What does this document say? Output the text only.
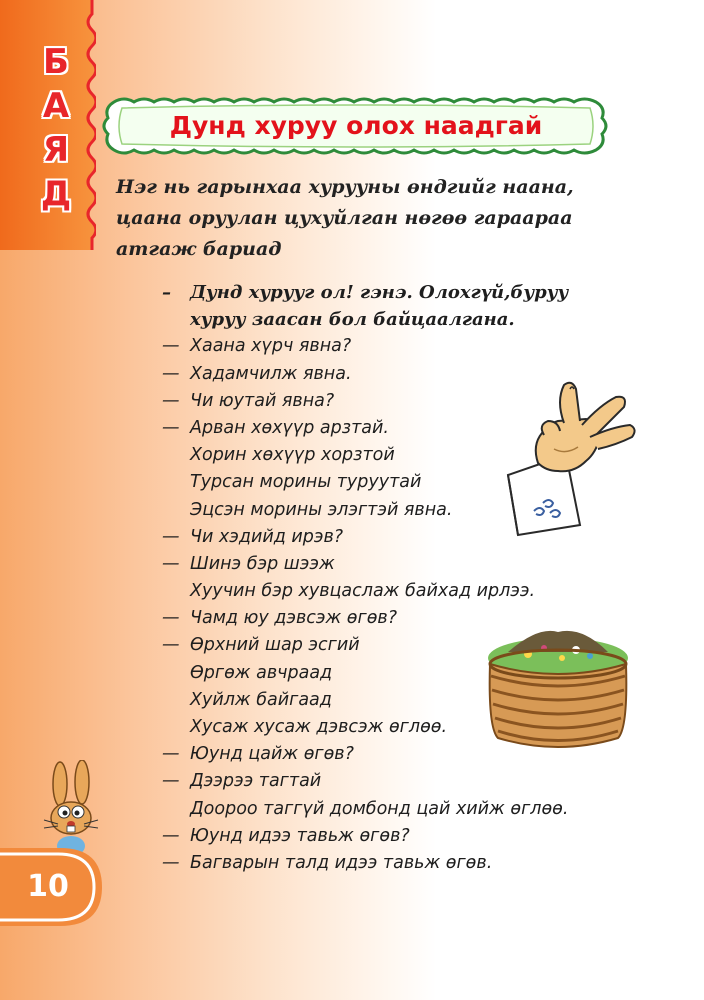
Б
А
Я
Д
Дунд хуруу олох наадгай
Нэг нь гарынхаа хурууны өндгийг наана,
цаана оруулан цухуйлган нөгөө гараараа
атгаж бариад
–	Дунд хурууг ол! гэнэ. Олохгүй,буруу
хуруу заасан бол байцаалгана.
— Хаана хүрч явна?
— Хадамчилж явна.
— Чи юутай явна?
— Арван хөхүүр арзтай.
Хорин хөхүүр хорзтой
Турсан морины туруутай
Эцсэн морины элэгтэй явна.
— Чи хэдийд ирэв?
— Шинэ бэр шээж
Хуучин бэр хувцаслаж байхад ирлээ.
— Чамд юу дэвсэж өгөв?
— Өрхний шар эсгий
Өргөж авчраад
Хуйлж байгаад
Хусаж хусаж дэвсэж өглөө.
— Юунд цайж өгөв?
— Дээрээ тагтай
Доороо таггүй домбонд цай хийж өглөө.
— Юунд идээ тавьж өгөв?
— Багварын талд идээ тавьж өгөв.
10
